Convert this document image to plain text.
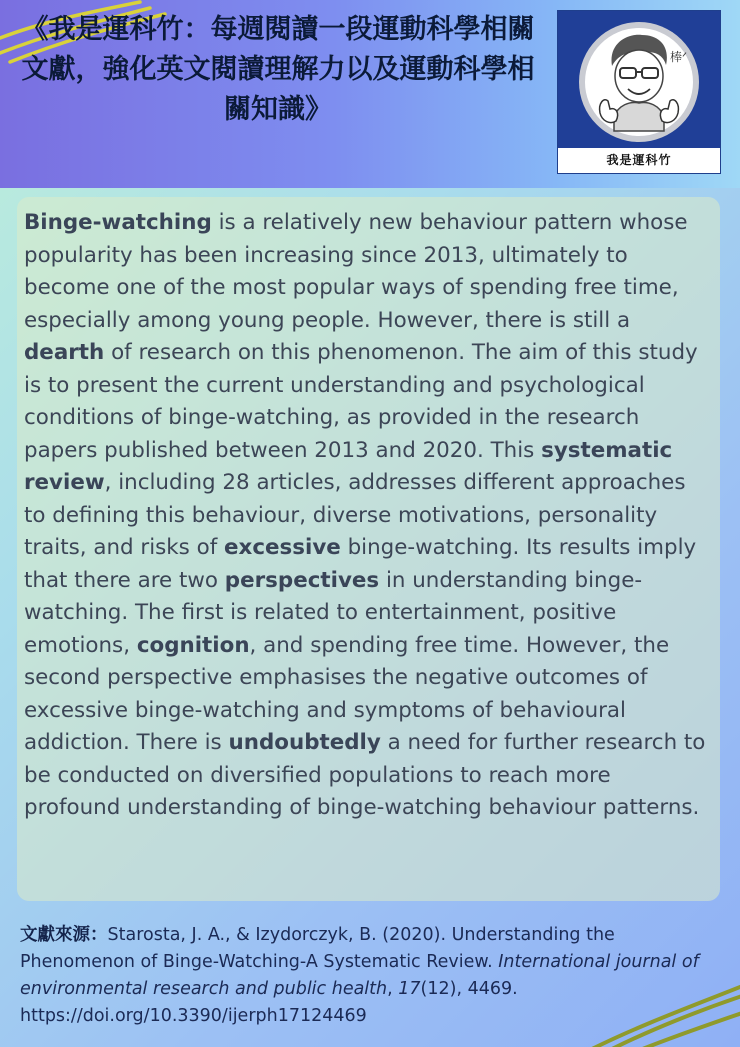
《我是運科竹：每週閱讀一段運動科學相關文獻，強化英文閱讀理解力以及運動科學相關知識》
棒ᐟ
我是運科竹

Binge-watching is a relatively new behaviour pattern whose popularity has been increasing since 2013, ultimately to become one of the most popular ways of spending free time, especially among young people. However, there is still a dearth of research on this phenomenon. The aim of this study is to present the current understanding and psychological conditions of binge-watching, as provided in the research papers published between 2013 and 2020. This systematic review, including 28 articles, addresses different approaches to defining this behaviour, diverse motivations, personality traits, and risks of excessive binge-watching. Its results imply that there are two perspectives in understanding binge-watching. The first is related to entertainment, positive emotions, cognition, and spending free time. However, the second perspective emphasises the negative outcomes of excessive binge-watching and symptoms of behavioural addiction. There is undoubtedly a need for further research to be conducted on diversified populations to reach more profound understanding of binge-watching behaviour patterns.

文獻來源：Starosta, J. A., & Izydorczyk, B. (2020). Understanding the Phenomenon of Binge-Watching-A Systematic Review. International journal of environmental research and public health, 17(12), 4469. https://doi.org/10.3390/ijerph17124469
